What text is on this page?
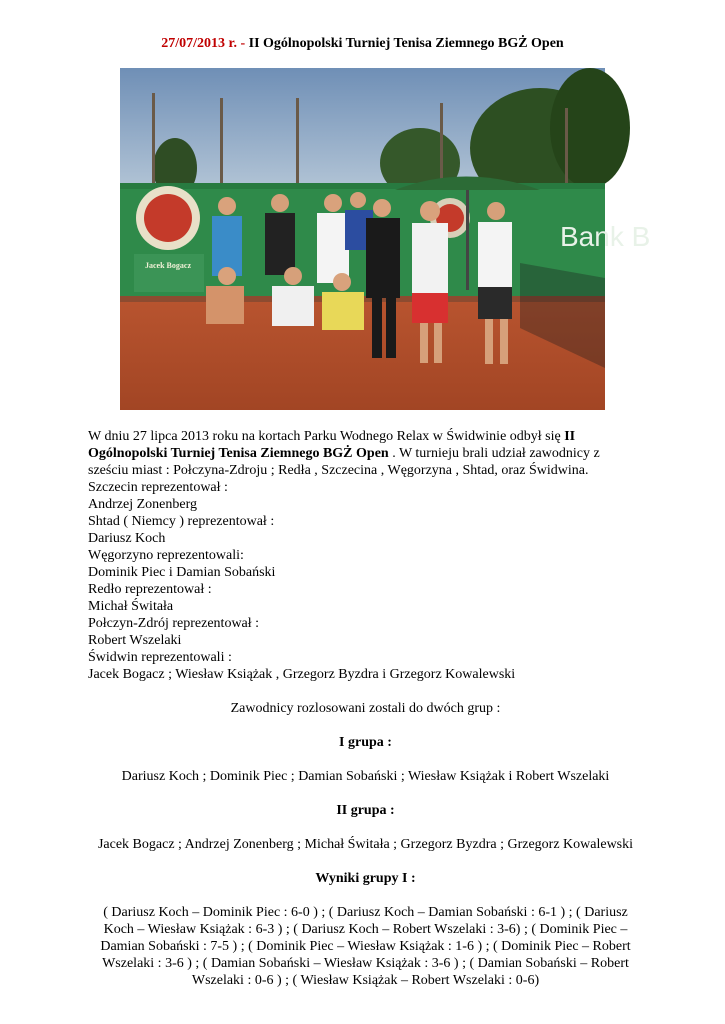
27/07/2013 r. - II Ogólnopolski Turniej Tenisa Ziemnego BGŻ Open
Jacek Bogacz
Bank B

W dniu 27 lipca 2013 roku na kortach Parku Wodnego Relax w Świdwinie odbył się II Ogólnopolski Turniej Tenisa Ziemnego BGŻ Open . W turnieju brali udział zawodnicy z sześciu miast : Połczyna-Zdroju ; Redła , Szczecina , Węgorzyna , Shtad, oraz Świdwina.

Szczecin reprezentował :

Andrzej Zonenberg

Shtad ( Niemcy ) reprezentował :

Dariusz Koch

Węgorzyno reprezentowali:

Dominik Piec i Damian Sobański

Redło reprezentował :

Michał Świtała

Połczyn-Zdrój reprezentował :

Robert Wszelaki

Świdwin reprezentowali :

Jacek Bogacz ; Wiesław Książak , Grzegorz Byzdra i Grzegorz Kowalewski

Zawodnicy rozlosowani zostali do dwóch grup :

I grupa :

Dariusz Koch ; Dominik Piec ; Damian Sobański ; Wiesław Książak i Robert Wszelaki

II grupa :

Jacek Bogacz ; Andrzej Zonenberg ; Michał Świtała ; Grzegorz Byzdra ; Grzegorz Kowalewski

Wyniki grupy I :

( Dariusz Koch – Dominik Piec : 6-0 ) ; ( Dariusz Koch – Damian Sobański : 6-1 ) ; ( Dariusz Koch – Wiesław Książak : 6-3 ) ; ( Dariusz Koch – Robert Wszelaki : 3-6) ; ( Dominik Piec – Damian Sobański : 7-5 ) ; ( Dominik Piec – Wiesław Książak : 1-6 ) ; ( Dominik Piec – Robert Wszelaki : 3-6 ) ; ( Damian Sobański – Wiesław Książak : 3-6 ) ; ( Damian Sobański – Robert Wszelaki : 0-6 ) ; ( Wiesław Książak – Robert Wszelaki : 0-6)
